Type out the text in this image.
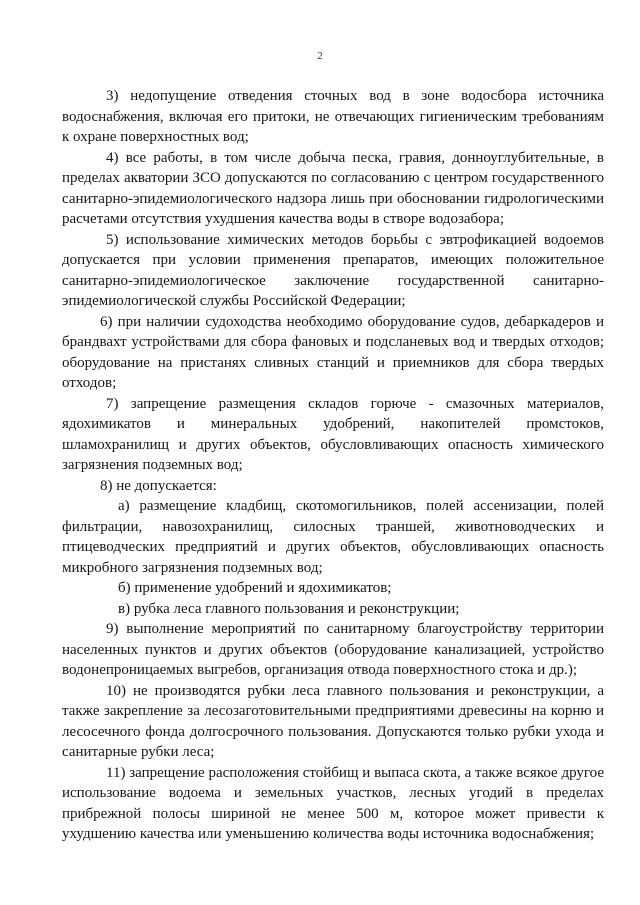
2

3) недопущение отведения сточных вод в зоне водосбора источника водоснабжения, включая его притоки, не отвечающих гигиеническим требованиям к охране поверхностных вод;

4) все работы, в том числе добыча песка, гравия, донноуглубительные, в пределах акватории ЗСО допускаются по согласованию с центром государственного санитарно-эпидемиологического надзора лишь при обосновании гидрологическими расчетами отсутствия ухудшения качества воды в створе водозабора;

5) использование химических методов борьбы с эвтрофикацией водоемов допускается при условии применения препаратов, имеющих положительное санитарно-эпидемиологическое заключение государственной санитарно-эпидемиологической службы Российской Федерации;

6) при наличии судоходства необходимо оборудование судов, дебаркадеров и брандвахт устройствами для сбора фановых и подсланевых вод и твердых отходов; оборудование на пристанях сливных станций и приемников для сбора твердых отходов;

7) запрещение размещения складов горюче - смазочных материалов, ядохимикатов и минеральных удобрений, накопителей промстоков, шламохранилищ и других объектов, обусловливающих опасность химического загрязнения подземных вод;

8) не допускается:

а) размещение кладбищ, скотомогильников, полей ассенизации, полей фильтрации, навозохранилищ, силосных траншей, животноводческих и птицеводческих предприятий и других объектов, обусловливающих опасность микробного загрязнения подземных вод;

б) применение удобрений и ядохимикатов;

в) рубка леса главного пользования и реконструкции;

9) выполнение мероприятий по санитарному благоустройству территории населенных пунктов и других объектов (оборудование канализацией, устройство водонепроницаемых выгребов, организация отвода поверхностного стока и др.);

10) не производятся рубки леса главного пользования и реконструкции, а также закрепление за лесозаготовительными предприятиями древесины на корню и лесосечного фонда долгосрочного пользования. Допускаются только рубки ухода и санитарные рубки леса;

11) запрещение расположения стойбищ и выпаса скота, а также всякое другое использование водоема и земельных участков, лесных угодий в пределах прибрежной полосы шириной не менее 500 м, которое может привести к ухудшению качества или уменьшению количества воды источника водоснабжения;
